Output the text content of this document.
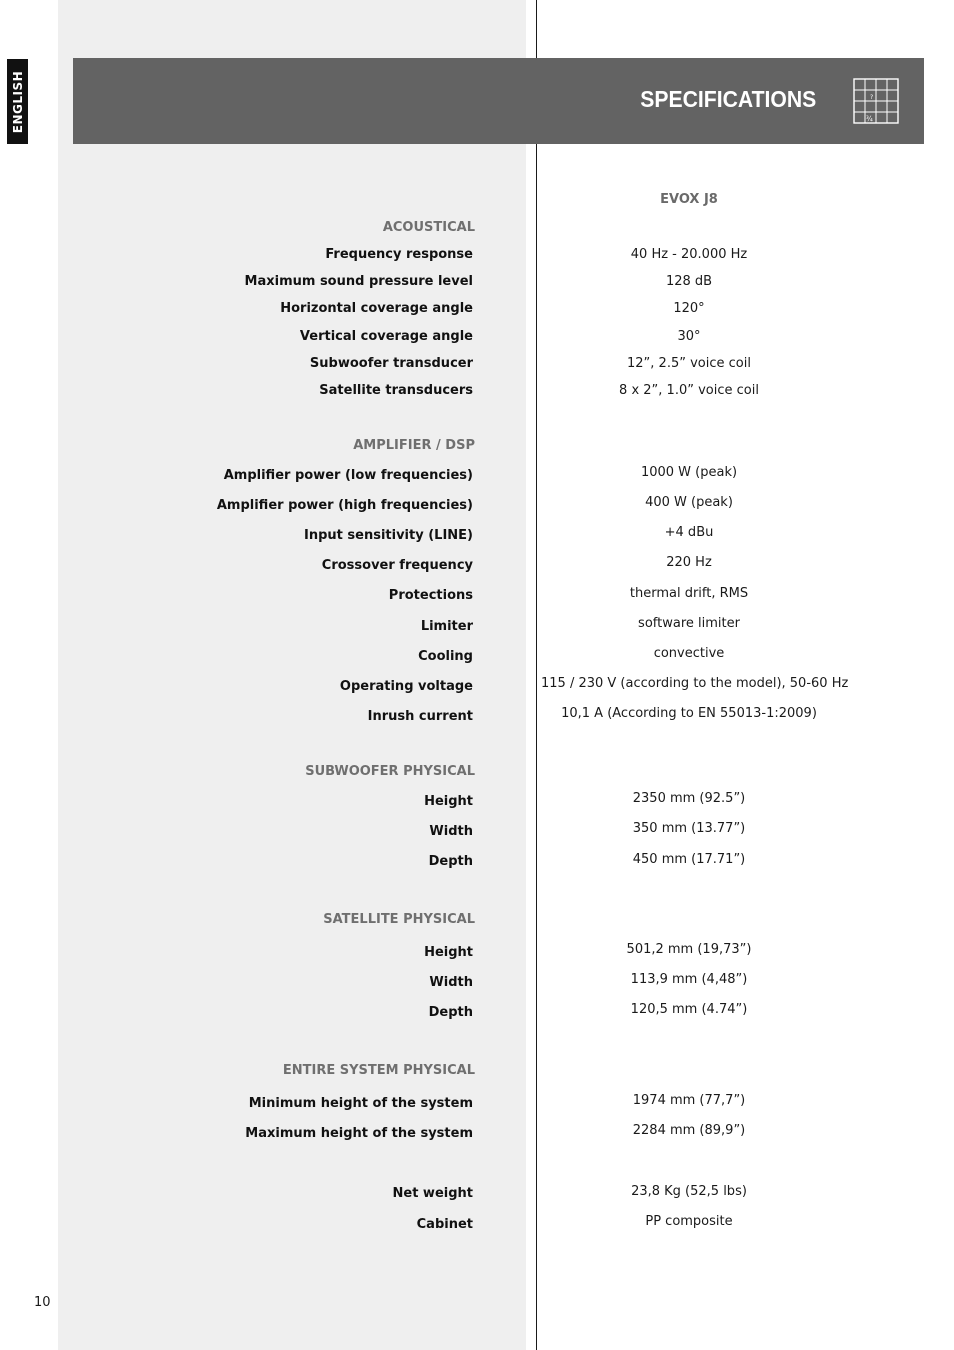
ENGLISH	SPECIFICATIONS	?
¾
EVOX J8
ACOUSTICAL
Frequency response	40 Hz - 20.000 Hz
Maximum sound pressure level	128 dB
Horizontal coverage angle	120°
Vertical coverage angle	30°
Subwoofer transducer	12”, 2.5” voice coil
Satellite transducers	8 x 2”, 1.0” voice coil
AMPLIFIER / DSP
Amplifier power (low frequencies)	1000 W (peak)
Amplifier power (high frequencies)	400 W (peak)
Input sensitivity (LINE)	+4 dBu
Crossover frequency	220 Hz
Protections	thermal drift, RMS
Limiter	software limiter
Cooling	convective
Operating voltage	115 / 230 V (according to the model), 50-60 Hz
Inrush current	10,1 A (According to EN 55013-1:2009)
SUBWOOFER PHYSICAL
Height	2350 mm (92.5”)
Width	350 mm (13.77”)
Depth	450 mm (17.71”)
SATELLITE PHYSICAL
Height	501,2 mm (19,73”)
Width	113,9 mm (4,48”)
Depth	120,5 mm (4.74”)
ENTIRE SYSTEM PHYSICAL
Minimum height of the system	1974 mm (77,7”)
Maximum height of the system	2284 mm (89,9”)
Net weight	23,8 Kg (52,5 lbs)
Cabinet	PP composite
10
